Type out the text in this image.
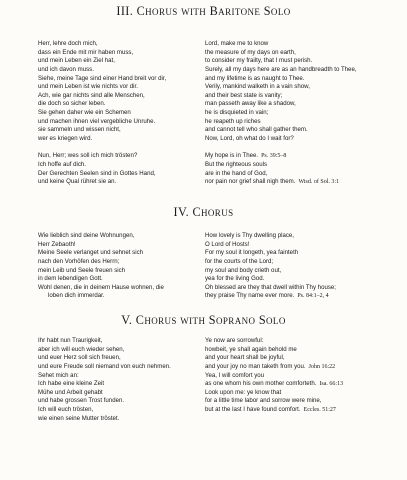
III. Chorus with Baritone Solo
Herr, lehre doch mich,
dass ein Ende mit mir haben muss,
und mein Leben ein Ziel hat,
und ich davon muss.
Siehe, meine Tage sind einer Hand breit vor dir,
und mein Leben ist wie nichts vor dir.
Ach, wie gar nichts sind alle Menschen,
die doch so sicher leben.
Sie gehen daher wie ein Schemen
und machen ihnen viel vergebliche Unruhe.
sie sammeln und wissen nicht,
wer es kriegen wird.
Nun, Herr; wes soll ich mich trösten?
Ich hoffe auf dich.
Der Gerechten Seelen sind in Gottes Hand,
und keine Qual rühret sie an.
Lord, make me to know
the measure of my days on earth,
to consider my frailty, that I must perish.
Surely, all my days here are as an handbreadth to Thee,
and my lifetime is as naught to Thee.
Verily, mankind walketh in a vain show,
and their best state is vanity;
man passeth away like a shadow,
he is disquieted in vain;
he reapeth up riches
and cannot tell who shall gather them.
Now, Lord, oh what do I wait for?
My hope is in Thee. Ps. 39:5–8
But the righteous souls
are in the hand of God,
nor pain nor grief shall nigh them. Wisd. of Sol. 3:1
IV. Chorus
Wie lieblich sind deine Wohnungen,
Herr Zebaoth!
Meine Seele verlanget und sehnet sich
nach den Vorhöfen des Herrn;
mein Leib und Seele freuen sich
in dem lebendigen Gott.
Wohl denen, die in deinem Hause wohnen, die
loben dich immerdar.
How lovely is Thy dwelling place,
O Lord of Hosts!
For my soul it longeth, yea fainteth
for the courts of the Lord;
my soul and body crieth out,
yea for the living God.
Oh blessed are they that dwell within Thy house;
they praise Thy name ever more. Ps. 84:1–2, 4
V. Chorus with Soprano Solo
Ihr habt nun Traurigkeit,
aber ich will euch wieder sehen,
und euer Herz soll sich freuen,
und eure Freude soll niemand von euch nehmen.
Sehet mich an:
Ich habe eine kleine Zeit
Mühe und Arbeit gehabt
und habe grossen Trost funden.
Ich will euch trösten,
wie einen seine Mutter tröstet.
Ye now are sorrowful:
howbeit, ye shall again behold me
and your heart shall be joyful,
and your joy no man taketh from you. John 16:22
Yea, I will comfort you
as one whom his own mother comforteth. Isa. 66:13
Look upon me: ye know that
for a little time labor and sorrow were mine,
but at the last I have found comfort. Eccles. 51:27
